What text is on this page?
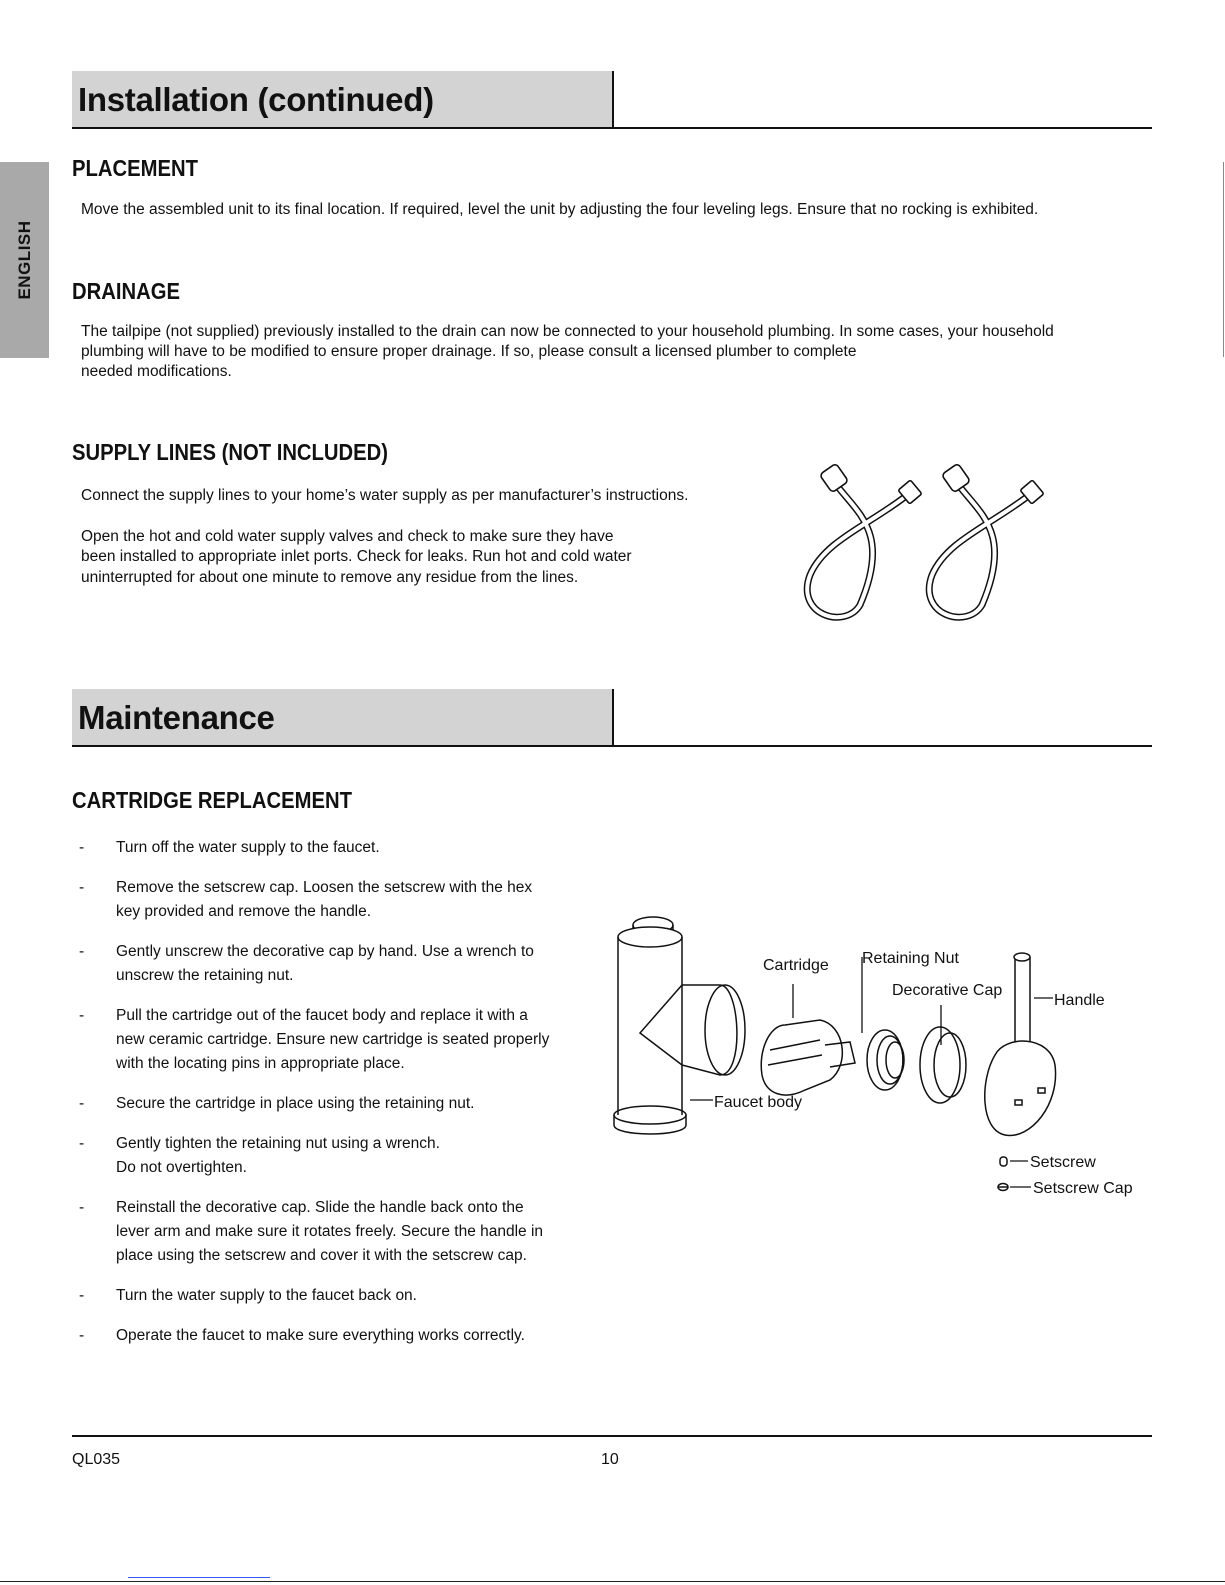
ENGLISH
Installation (continued)
PLACEMENT
Move the assembled unit to its final location. If required, level the unit by adjusting the four leveling legs. Ensure that no rocking is exhibited.
DRAINAGE
The tailpipe (not supplied) previously installed to the drain can now be connected to your household plumbing. In some cases, your household
plumbing will have to be modified to ensure proper drainage. If so, please consult a licensed plumber to complete
needed modifications.
SUPPLY LINES (NOT INCLUDED)
Connect the supply lines to your home’s water supply as per manufacturer’s instructions.
Open the hot and cold water supply valves and check to make sure they have
been installed to appropriate inlet ports. Check for leaks. Run hot and cold water
uninterrupted for about one minute to remove any residue from the lines.
Maintenance
CARTRIDGE REPLACEMENT
- Turn off the water supply to the faucet.
- Remove the setscrew cap. Loosen the setscrew with the hex
key provided and remove the handle.
- Gently unscrew the decorative cap by hand. Use a wrench to
unscrew the retaining nut.
- Pull the cartridge out of the faucet body and replace it with a
new ceramic cartridge. Ensure new cartridge is seated properly
with the locating pins in appropriate place.
- Secure the cartridge in place using the retaining nut.
- Gently tighten the retaining nut using a wrench.
Do not overtighten.
- Reinstall the decorative cap. Slide the handle back onto the
lever arm and make sure it rotates freely. Secure the handle in
place using the setscrew and cover it with the setscrew cap.
- Turn the water supply to the faucet back on.
- Operate the faucet to make sure everything works correctly.
Faucet body
Cartridge Retaining Nut
Decorative Cap
Handle
Setscrew
Setscrew Cap
QL035	10
